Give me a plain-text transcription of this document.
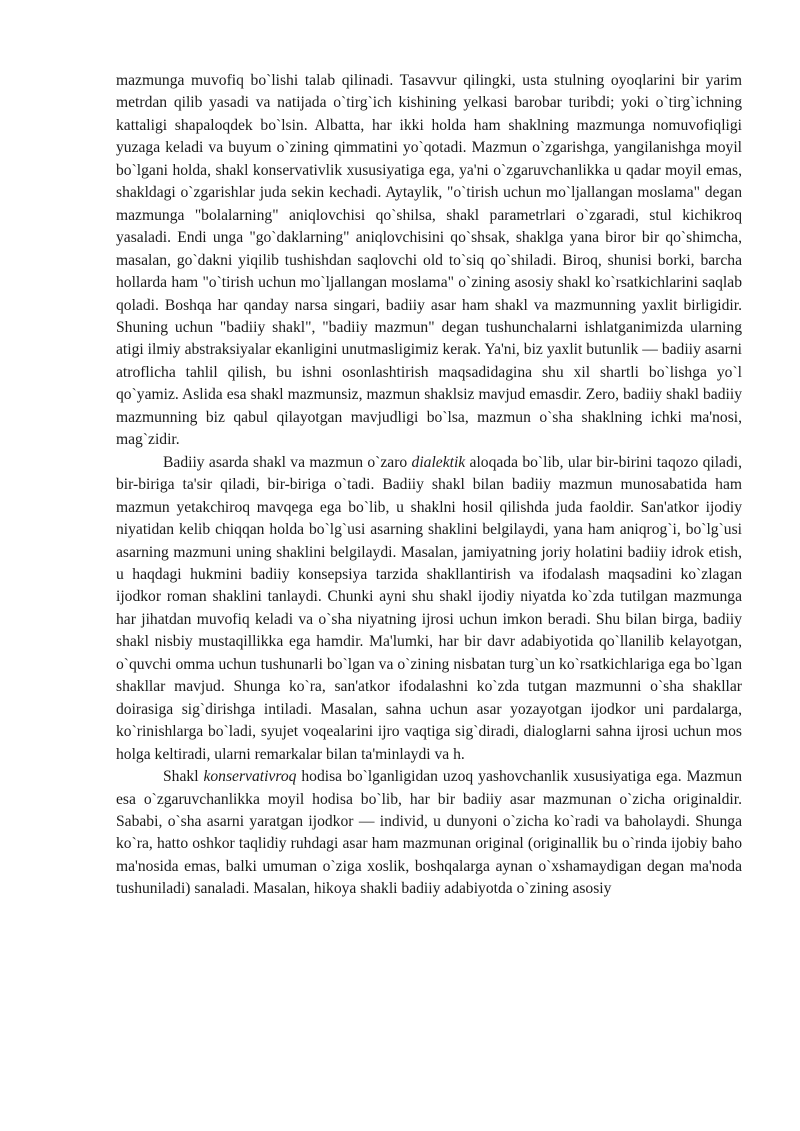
mazmunga muvofiq bo`lishi talab qilinadi. Tasavvur qilingki, usta stulning oyoqlarini bir yarim metrdan qilib yasadi va natijada o`tirg`ich kishining yelkasi barobar turibdi; yoki o`tirg`ichning kattaligi shapaloqdek bo`lsin. Albatta, har ikki holda ham shaklning mazmunga nomuvofiqligi yuzaga keladi va buyum o`zining qimmatini yo`qotadi. Mazmun o`zgarishga, yangilanishga moyil bo`lgani holda, shakl konservativlik xususiyatiga ega, ya'ni o`zgaruvchanlikka u qadar moyil emas, shakldagi o`zgarishlar juda sekin kechadi. Aytaylik, "o`tirish uchun mo`ljallangan moslama" degan mazmunga "bolalarning" aniqlovchisi qo`shilsa, shakl parametrlari o`zgaradi, stul kichikroq yasaladi. Endi unga "go`daklarning" aniqlovchisini qo`shsak, shaklga yana biror bir qo`shimcha, masalan, go`dakni yiqilib tushishdan saqlovchi old to`siq qo`shiladi. Biroq, shunisi borki, barcha hollarda ham "o`tirish uchun mo`ljallangan moslama" o`zining asosiy shakl ko`rsatkichlarini saqlab qoladi. Boshqa har qanday narsa singari, badiiy asar ham shakl va mazmunning yaxlit birligidir. Shuning uchun "badiiy shakl", "badiiy mazmun" degan tushunchalarni ishlatganimizda ularning atigi ilmiy abstraksiyalar ekanligini unutmasligimiz kerak. Ya'ni, biz yaxlit butunlik — badiiy asarni atroflicha tahlil qilish, bu ishni osonlashtirish maqsadidagina shu xil shartli bo`lishga yo`l qo`yamiz. Aslida esa shakl mazmunsiz, mazmun shaklsiz mavjud emasdir. Zero, badiiy shakl badiiy mazmunning biz qabul qilayotgan mavjudligi bo`lsa, mazmun o`sha shaklning ichki ma'nosi, mag`zidir.

Badiiy asarda shakl va mazmun o`zaro dialektik aloqada bo`lib, ular bir-birini taqozo qiladi, bir-biriga ta'sir qiladi, bir-biriga o`tadi. Badiiy shakl bilan badiiy mazmun munosabatida ham mazmun yetakchiroq mavqega ega bo`lib, u shaklni hosil qilishda juda faoldir. San'atkor ijodiy niyatidan kelib chiqqan holda bo`lg`usi asarning shaklini belgilaydi, yana ham aniqrog`i, bo`lg`usi asarning mazmuni uning shaklini belgilaydi. Masalan, jamiyatning joriy holatini badiiy idrok etish, u haqdagi hukmini badiiy konsepsiya tarzida shakllantirish va ifodalash maqsadini ko`zlagan ijodkor roman shaklini tanlaydi. Chunki ayni shu shakl ijodiy niyatda ko`zda tutilgan mazmunga har jihatdan muvofiq keladi va o`sha niyatning ijrosi uchun imkon beradi. Shu bilan birga, badiiy shakl nisbiy mustaqillikka ega hamdir. Ma'lumki, har bir davr adabiyotida qo`llanilib kelayotgan, o`quvchi omma uchun tushunarli bo`lgan va o`zining nisbatan turg`un ko`rsatkichlariga ega bo`lgan shakllar mavjud. Shunga ko`ra, san'atkor ifodalashni ko`zda tutgan mazmunni o`sha shakllar doirasiga sig`dirishga intiladi. Masalan, sahna uchun asar yozayotgan ijodkor uni pardalarga, ko`rinishlarga bo`ladi, syujet voqealarini ijro vaqtiga sig`diradi, dialoglarni sahna ijrosi uchun mos holga keltiradi, ularni remarkalar bilan ta'minlaydi va h.

Shakl konservativroq hodisa bo`lganligidan uzoq yashovchanlik xususiyatiga ega. Mazmun esa o`zgaruvchanlikka moyil hodisa bo`lib, har bir badiiy asar mazmunan o`zicha originaldir. Sababi, o`sha asarni yaratgan ijodkor — individ, u dunyoni o`zicha ko`radi va baholaydi. Shunga ko`ra, hatto oshkor taqlidiy ruhdagi asar ham mazmunan original (originallik bu o`rinda ijobiy baho ma'nosida emas, balki umuman o`ziga xoslik, boshqalarga aynan o`xshamaydigan degan ma'noda tushuniladi) sanaladi. Masalan, hikoya shakli badiiy adabiyotda o`zining asosiy
